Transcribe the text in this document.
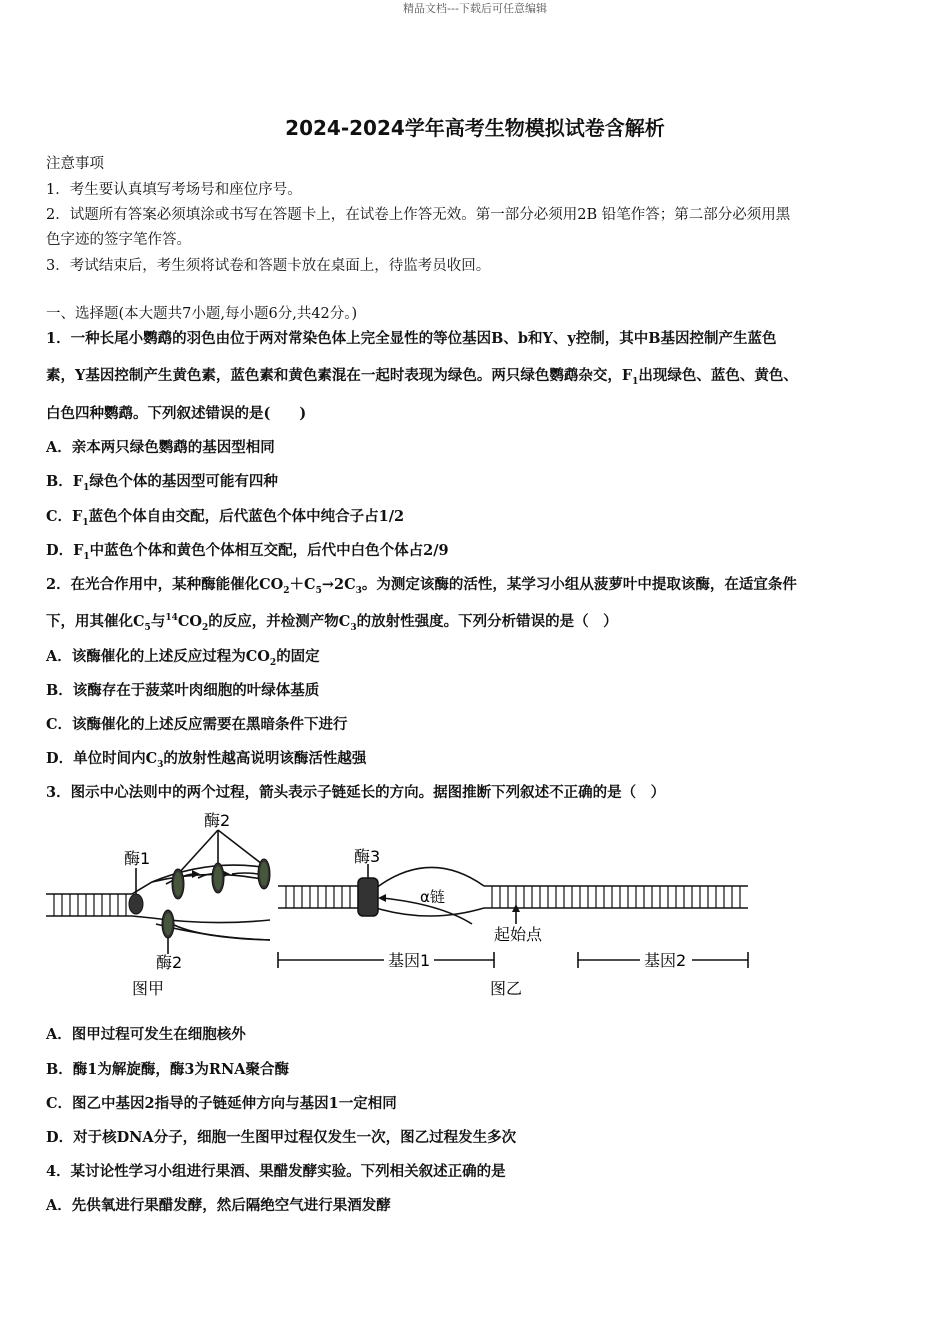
精品文档---下载后可任意编辑
2024-2024学年高考生物模拟试卷含解析
注意事项
1．考生要认真填写考场号和座位序号。
2．试题所有答案必须填涂或书写在答题卡上，在试卷上作答无效。第一部分必须用2B 铅笔作答；第二部分必须用黑
色字迹的签字笔作答。
3．考试结束后，考生须将试卷和答题卡放在桌面上，待监考员收回。
一、选择题(本大题共7小题,每小题6分,共42分。)
1．一种长尾小鹦鹉的羽色由位于两对常染色体上完全显性的等位基因B、b和Y、y控制，其中B基因控制产生蓝色
素，Y基因控制产生黄色素，蓝色素和黄色素混在一起时表现为绿色。两只绿色鹦鹉杂交，$F_1$出现绿色、蓝色、黄色、
白色四种鹦鹉。下列叙述错误的是(　　)
A．亲本两只绿色鹦鹉的基因型相同
B．$F_1$绿色个体的基因型可能有四种
C．$F_1$蓝色个体自由交配，后代蓝色个体中纯合子占1/2
D．$F_1$中蓝色个体和黄色个体相互交配，后代中白色个体占2/9
2．在光合作用中，某种酶能催化$CO_2+C_5\to 2C_3$。为测定该酶的活性，某学习小组从菠萝叶中提取该酶，在适宜条件
下，用其催化$C_5$与$^{14}CO_2$的反应，并检测产物$C_3$的放射性强度。下列分析错误的是（　）
A．该酶催化的上述反应过程为$CO_2$的固定
B．该酶存在于菠菜叶肉细胞的叶绿体基质
C．该酶催化的上述反应需要在黑暗条件下进行
D．单位时间内$C_3$的放射性越高说明该酶活性越强
3．图示中心法则中的两个过程，箭头表示子链延长的方向。据图推断下列叙述不正确的是（　）
酶1
酶2
酶2
图甲
酶3
α链
起始点
基因1	基因2
图乙
A．图甲过程可发生在细胞核外
B．酶1为解旋酶，酶3为RNA聚合酶
C．图乙中基因2指导的子链延伸方向与基因1一定相同
D．对于核DNA分子，细胞一生图甲过程仅发生一次，图乙过程发生多次
4．某讨论性学习小组进行果酒、果醋发酵实验。下列相关叙述正确的是
A．先供氧进行果醋发酵，然后隔绝空气进行果酒发酵
